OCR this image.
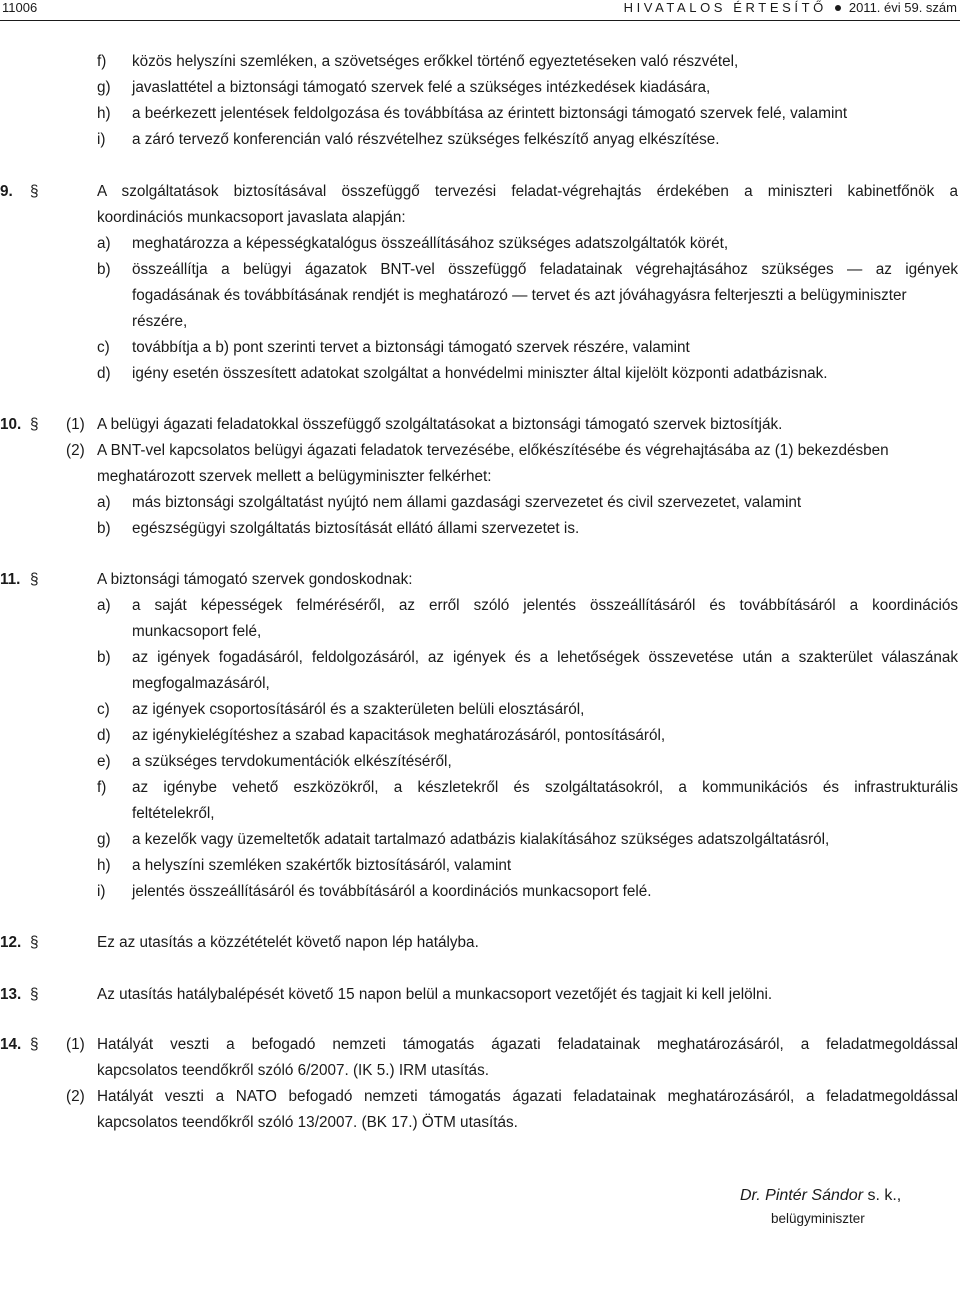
11006	HIVATALOS ÉRTESÍTŐ 2011. évi 59. szám
f) közös helyszíni szemléken, a szövetséges erőkkel történő egyeztetéseken való részvétel,
g) javaslattétel a biztonsági támogató szervek felé a szükséges intézkedések kiadására,
h) a beérkezett jelentések feldolgozása és továbbítása az érintett biztonsági támogató szervek felé, valamint
i) a záró tervező konferencián való részvételhez szükséges felkészítő anyag elkészítése.
9. §	A szolgáltatások biztosításával összefüggő tervezési feladat-végrehajtás érdekében a miniszteri kabinetfőnök a
koordinációs munkacsoport javaslata alapján:
a) meghatározza a képességkatalógus összeállításához szükséges adatszolgáltatók körét,
b) összeállítja a belügyi ágazatok BNT-vel összefüggő feladatainak végrehajtásához szükséges — az igények
fogadásának és továbbításának rendjét is meghatározó — tervet és azt jóváhagyásra felterjeszti a belügyminiszter
részére,
c) továbbítja a b) pont szerinti tervet a biztonsági támogató szervek részére, valamint
d) igény esetén összesített adatokat szolgáltat a honvédelmi miniszter által kijelölt központi adatbázisnak.
10. § (1) A belügyi ágazati feladatokkal összefüggő szolgáltatásokat a biztonsági támogató szervek biztosítják.
(2) A BNT-vel kapcsolatos belügyi ágazati feladatok tervezésébe, előkészítésébe és végrehajtásába az (1) bekezdésben
meghatározott szervek mellett a belügyminiszter felkérhet:
a) más biztonsági szolgáltatást nyújtó nem állami gazdasági szervezetet és civil szervezetet, valamint
b) egészségügyi szolgáltatás biztosítását ellátó állami szervezetet is.
11. §	A biztonsági támogató szervek gondoskodnak:
a) a saját képességek felméréséről, az erről szóló jelentés összeállításáról és továbbításáról a koordinációs
munkacsoport felé,
b) az igények fogadásáról, feldolgozásáról, az igények és a lehetőségek összevetése után a szakterület válaszának
megfogalmazásáról,
c) az igények csoportosításáról és a szakterületen belüli elosztásáról,
d) az igénykielégítéshez a szabad kapacitások meghatározásáról, pontosításáról,
e) a szükséges tervdokumentációk elkészítéséről,
f) az igénybe vehető eszközökről, a készletekről és szolgáltatásokról, a kommunikációs és infrastrukturális
feltételekről,
g) a kezelők vagy üzemeltetők adatait tartalmazó adatbázis kialakításához szükséges adatszolgáltatásról,
h) a helyszíni szemléken szakértők biztosításáról, valamint
i) jelentés összeállításáról és továbbításáról a koordinációs munkacsoport felé.
12. §	Ez az utasítás a közzétételét követő napon lép hatályba.
13. §	Az utasítás hatálybalépését követő 15 napon belül a munkacsoport vezetőjét és tagjait ki kell jelölni.
14. § (1) Hatályát veszti a befogadó nemzeti támogatás ágazati feladatainak meghatározásáról, a feladatmegoldással
kapcsolatos teendőkről szóló 6/2007. (IK 5.) IRM utasítás.
(2) Hatályát veszti a NATO befogadó nemzeti támogatás ágazati feladatainak meghatározásáról, a feladatmegoldással
kapcsolatos teendőkről szóló 13/2007. (BK 17.) ÖTM utasítás.
Dr. Pintér Sándor s. k.,
belügyminiszter
